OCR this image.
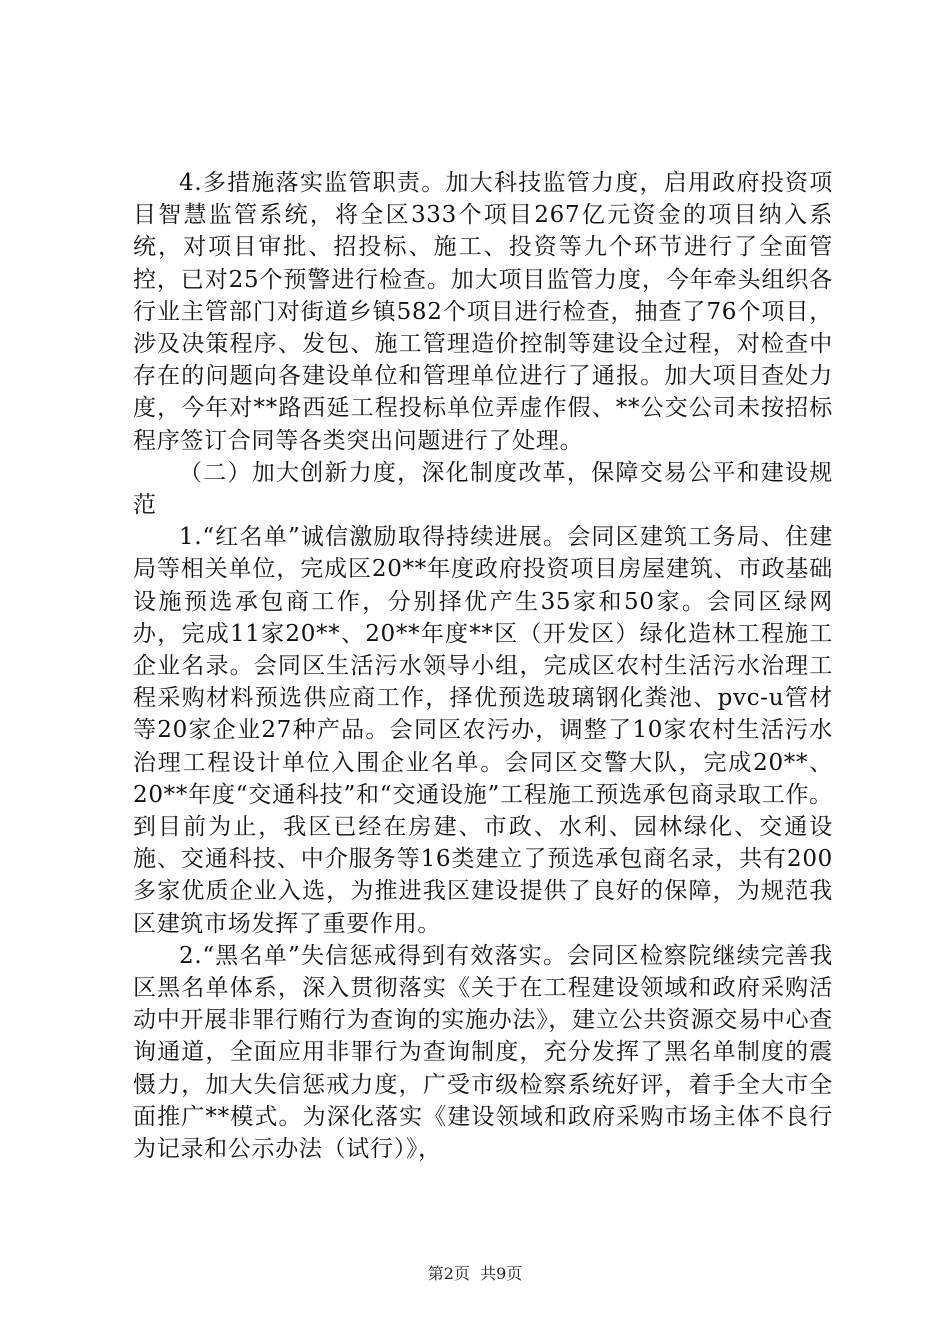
4.多措施落实监管职责。加大科技监管力度，启用政府投资项目智慧监管系统，将全区333个项目267亿元资金的项目纳入系统，对项目审批、招投标、施工、投资等九个环节进行了全面管控，已对25个预警进行检查。加大项目监管力度，今年牵头组织各行业主管部门对街道乡镇582个项目进行检查，抽查了76个项目，涉及决策程序、发包、施工管理造价控制等建设全过程，对检查中存在的问题向各建设单位和管理单位进行了通报。加大项目查处力度，今年对**路西延工程投标单位弄虚作假、**公交公司未按招标程序签订合同等各类突出问题进行了处理。

（二）加大创新力度，深化制度改革，保障交易公平和建设规范

1.“红名单”诚信激励取得持续进展。会同区建筑工务局、住建局等相关单位，完成区20**年度政府投资项目房屋建筑、市政基础设施预选承包商工作，分别择优产生35家和50家。会同区绿网办，完成11家20**、20**年度**区（开发区）绿化造林工程施工企业名录。会同区生活污水领导小组，完成区农村生活污水治理工程采购材料预选供应商工作，择优预选玻璃钢化粪池、pvc-u管材等20家企业27种产品。会同区农污办，调整了10家农村生活污水治理工程设计单位入围企业名单。会同区交警大队，完成20**、20**年度“交通科技”和“交通设施”工程施工预选承包商录取工作。到目前为止，我区已经在房建、市政、水利、园林绿化、交通设施、交通科技、中介服务等16类建立了预选承包商名录，共有200多家优质企业入选，为推进我区建设提供了良好的保障，为规范我区建筑市场发挥了重要作用。

2.“黑名单”失信惩戒得到有效落实。会同区检察院继续完善我区黑名单体系，深入贯彻落实《关于在工程建设领域和政府采购活动中开展非罪行贿行为查询的实施办法》，建立公共资源交易中心查询通道，全面应用非罪行为查询制度，充分发挥了黑名单制度的震慑力，加大失信惩戒力度，广受市级检察系统好评，着手全大市全面推广**模式。为深化落实《建设领域和政府采购市场主体不良行为记录和公示办法（试行）》，

第2页 共9页
